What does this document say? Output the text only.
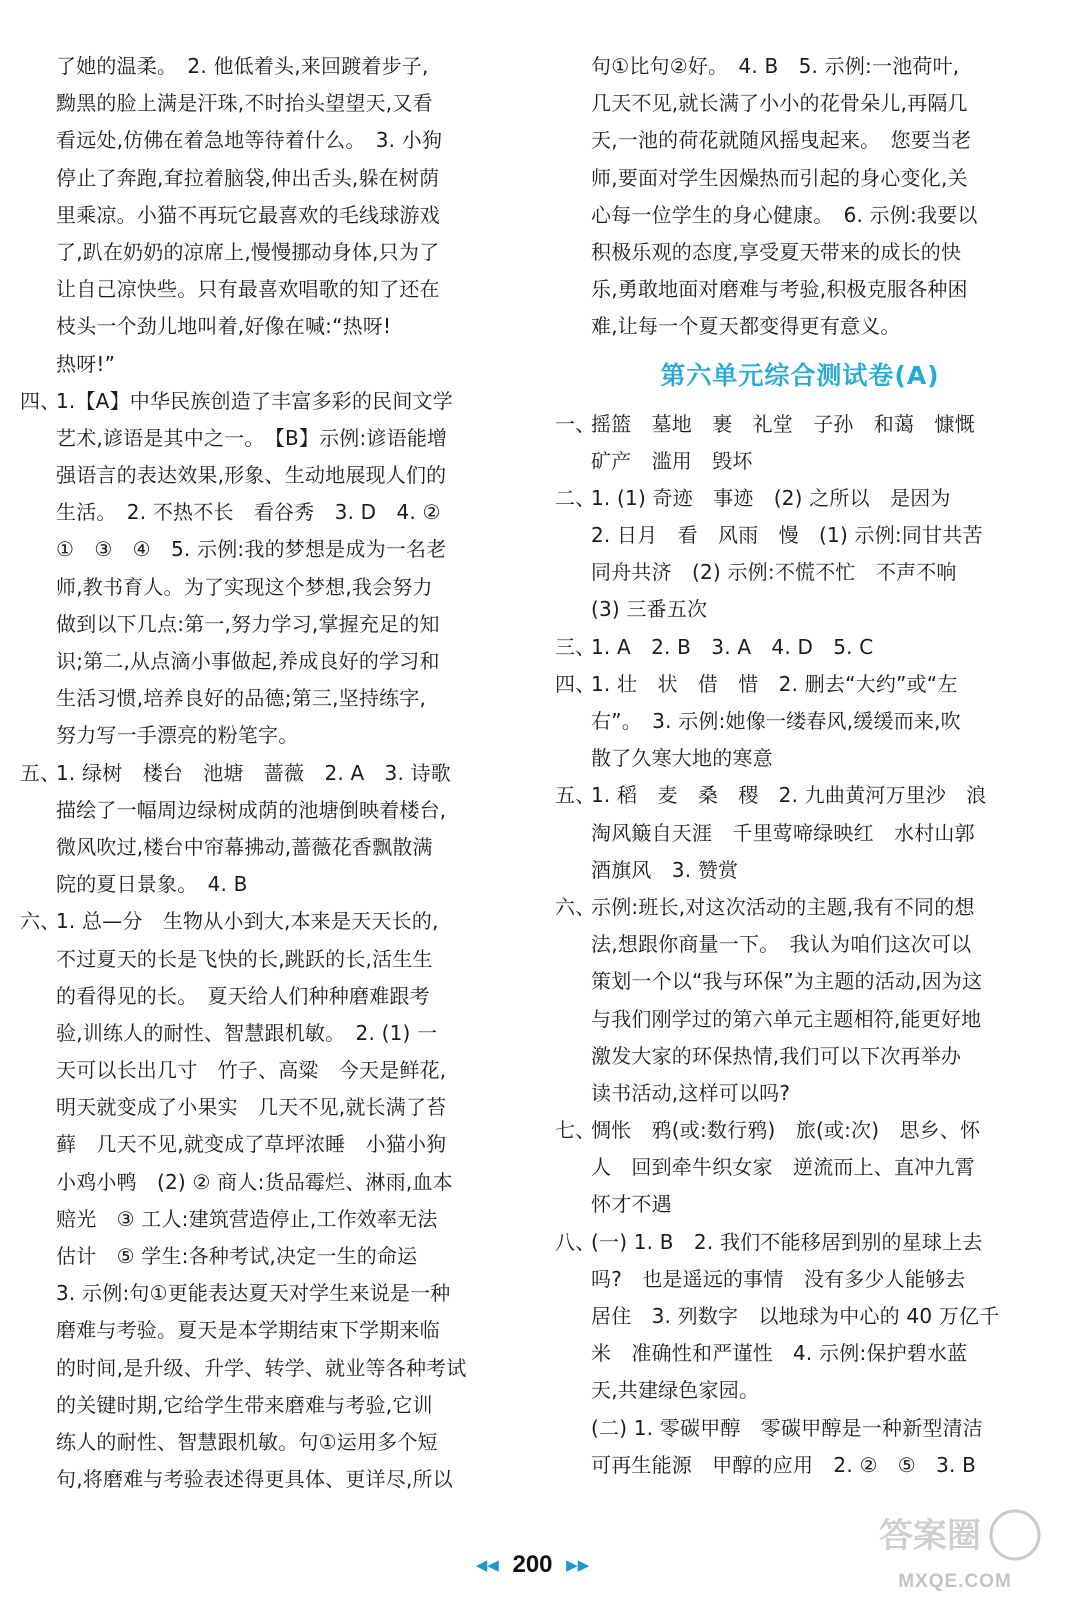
了她的温柔。　2. 他低着头,来回踱着步子,
黝黑的脸上满是汗珠,不时抬头望望天,又看
看远处,仿佛在着急地等待着什么。　3. 小狗
停止了奔跑,耷拉着脑袋,伸出舌头,躲在树荫
里乘凉。小猫不再玩它最喜欢的毛线球游戏
了,趴在奶奶的凉席上,慢慢挪动身体,只为了
让自己凉快些。只有最喜欢唱歌的知了还在
枝头一个劲儿地叫着,好像在喊:“热呀!
热呀!”
四、1.【A】中华民族创造了丰富多彩的民间文学
艺术,谚语是其中之一。　【B】示例:谚语能增
强语言的表达效果,形象、生动地展现人们的
生活。　2. 不热不长　看谷秀　3. D　4. ②
①　③　④　5. 示例:我的梦想是成为一名老
师,教书育人。为了实现这个梦想,我会努力
做到以下几点:第一,努力学习,掌握充足的知
识;第二,从点滴小事做起,养成良好的学习和
生活习惯,培养良好的品德;第三,坚持练字,
努力写一手漂亮的粉笔字。
五、1. 绿树　楼台　池塘　蔷薇　2. A　3. 诗歌
描绘了一幅周边绿树成荫的池塘倒映着楼台,
微风吹过,楼台中帘幕拂动,蔷薇花香飘散满
院的夏日景象。　4. B
六、1. 总—分　生物从小到大,本来是天天长的,
不过夏天的长是飞快的长,跳跃的长,活生生
的看得见的长。　夏天给人们种种磨难跟考
验,训练人的耐性、智慧跟机敏。　2. (1) 一
天可以长出几寸　竹子、高粱　今天是鲜花,
明天就变成了小果实　几天不见,就长满了苔
藓　几天不见,就变成了草坪浓睡　小猫小狗
小鸡小鸭　(2) ② 商人:货品霉烂、淋雨,血本
赔光　③ 工人:建筑营造停止,工作效率无法
估计　⑤ 学生:各种考试,决定一生的命运
3. 示例:句①更能表达夏天对学生来说是一种
磨难与考验。夏天是本学期结束下学期来临
的时间,是升级、升学、转学、就业等各种考试
的关键时期,它给学生带来磨难与考验,它训
练人的耐性、智慧跟机敏。句①运用多个短
句,将磨难与考验表述得更具体、更详尽,所以
句①比句②好。　4. B　5. 示例:一池荷叶,
几天不见,就长满了小小的花骨朵儿,再隔几
天,一池的荷花就随风摇曳起来。　您要当老
师,要面对学生因燥热而引起的身心变化,关
心每一位学生的身心健康。　6. 示例:我要以
积极乐观的态度,享受夏天带来的成长的快
乐,勇敢地面对磨难与考验,积极克服各种困
难,让每一个夏天都变得更有意义。
第六单元综合测试卷(A)
一、摇篮　墓地　裹　礼堂　子孙　和蔼　慷慨
矿产　滥用　毁坏
二、1. (1) 奇迹　事迹　(2) 之所以　是因为
2. 日月　看　风雨　慢　(1) 示例:同甘共苦
同舟共济　(2) 示例:不慌不忙　不声不响
(3) 三番五次
三、1. A　2. B　3. A　4. D　5. C
四、1. 壮　状　借　惜　2. 删去“大约”或“左
右”。　3. 示例:她像一缕春风,缓缓而来,吹
散了久寒大地的寒意
五、1. 稻　麦　桑　稷　2. 九曲黄河万里沙　浪
淘风簸自天涯　千里莺啼绿映红　水村山郭
酒旗风　3. 赞赏
六、示例:班长,对这次活动的主题,我有不同的想
法,想跟你商量一下。　我认为咱们这次可以
策划一个以“我与环保”为主题的活动,因为这
与我们刚学过的第六单元主题相符,能更好地
激发大家的环保热情,我们可以下次再举办
读书活动,这样可以吗?
七、惆怅　鸦(或:数行鸦)　旅(或:次)　思乡、怀
人　回到牵牛织女家　逆流而上、直冲九霄
怀才不遇
八、(一) 1. B　2. 我们不能移居到别的星球上去
吗?　也是遥远的事情　没有多少人能够去
居住　3. 列数字　以地球为中心的 40 万亿千
米　准确性和严谨性　4. 示例:保护碧水蓝
天,共建绿色家园。
(二) 1. 零碳甲醇　零碳甲醇是一种新型清洁
可再生能源　甲醇的应用　2. ②　⑤　3. B
◀◀ 200 ▶▶
答案圈
MXQE.COM
